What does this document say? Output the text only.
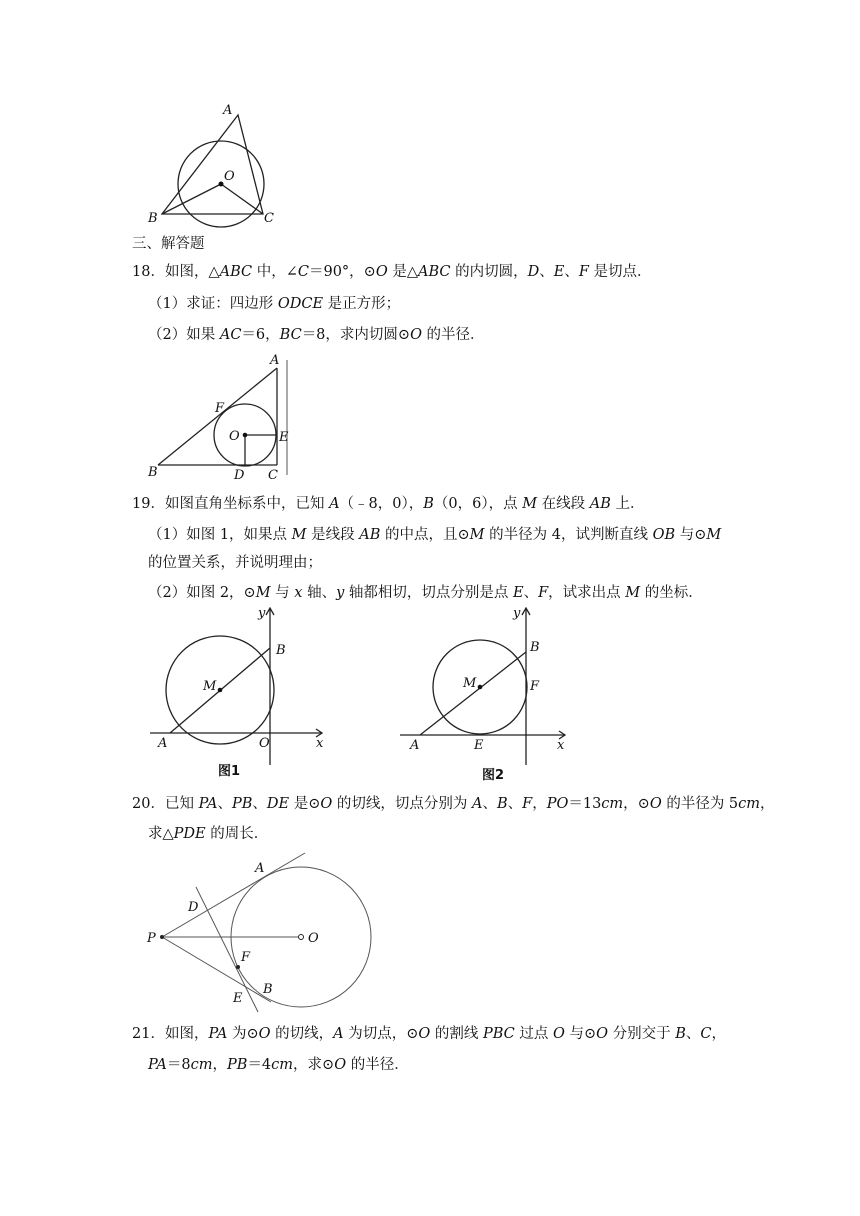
A
O
B	C
A
F
O	E
B	D C
y
B
M
A	O	x
图1
y
B
M	F
A	E	x
图2
A
D
P	O
F
B
E
三、解答题
18．如图，△ABC 中，∠C＝90°，⊙O 是△ABC 的内切圆，D、E、F 是切点．
（1）求证：四边形 ODCE 是正方形；
（2）如果 AC＝6，BC＝8，求内切圆⊙O 的半径．
19．如图直角坐标系中，已知 A（﹣8，0），B（0，6），点 M 在线段 AB 上．
（1）如图 1，如果点 M 是线段 AB 的中点，且⊙M 的半径为 4，试判断直线 OB 与⊙M
的位置关系，并说明理由；
（2）如图 2，⊙M 与 x 轴、y 轴都相切，切点分别是点 E、F，试求出点 M 的坐标．
20．已知 PA、PB、DE 是⊙O 的切线，切点分别为 A、B、F，PO＝13cm，⊙O 的半径为 5cm，
求△PDE 的周长．
21．如图，PA 为⊙O 的切线，A 为切点，⊙O 的割线 PBC 过点 O 与⊙O 分别交于 B、C，
PA＝8cm，PB＝4cm，求⊙O 的半径．
